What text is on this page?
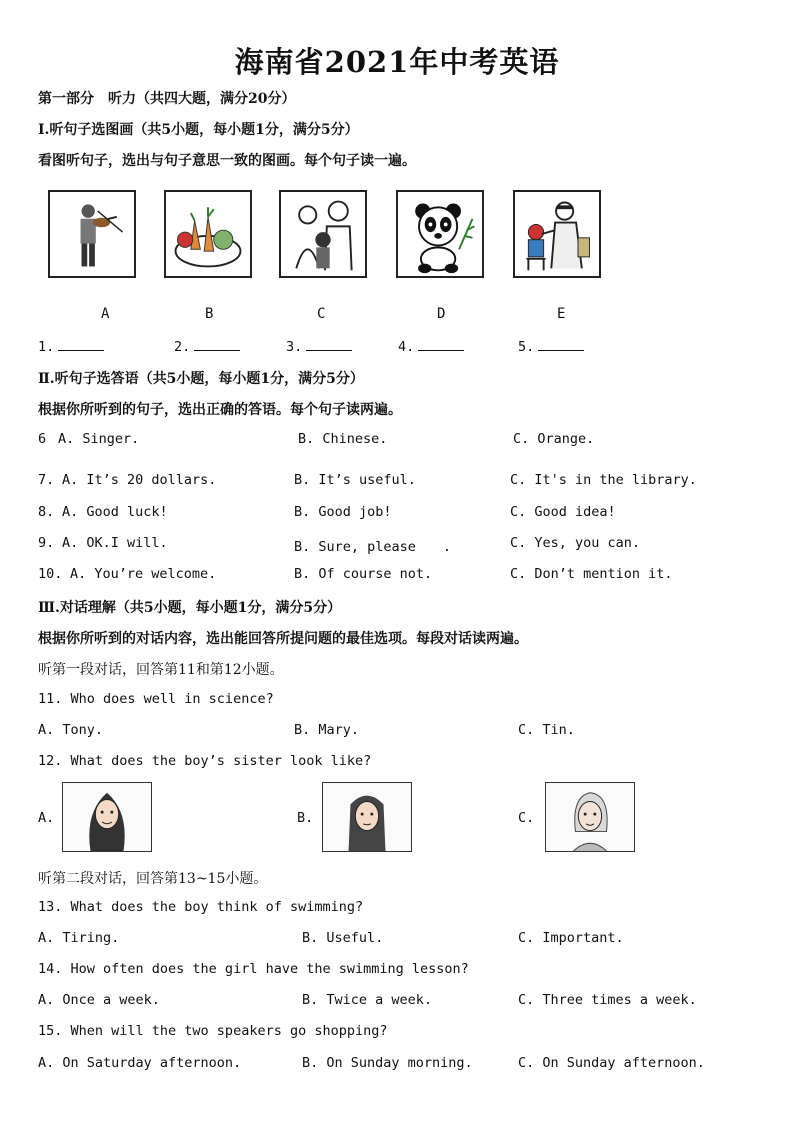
海南省2021年中考英语
第一部分　听力（共四大题，满分20分）
Ⅰ.听句子选图画（共5小题，每小题1分，满分5分）
看图听句子，选出与句子意思一致的图画。每个句子读一遍。
A	B	C	D	E
1.	2.	3.	4.	5.
Ⅱ.听句子选答语（共5小题，每小题1分，满分5分）
根据你所听到的句子，选出正确的答语。每个句子读两遍。
6 A. Singer.	B. Chinese.	C. Orange.
7. A. It’s 20 dollars.	B. It’s useful.	C. It's in the library.
8. A. Good luck!	B. Good job!	C. Good idea!
9. A. OK.I will.	B. Sure, please　　.	C. Yes, you can.
10. A. You’re welcome.	B. Of course not.	C. Don’t mention it.
Ⅲ.对话理解（共5小题，每小题1分，满分5分）
根据你所听到的对话内容，选出能回答所提问题的最佳选项。每段对话读两遍。
听第一段对话，回答第11和第12小题。
11. Who does well in science?
A. Tony.	B. Mary.	C. Tin.
12. What does the boy’s sister look like?
A.	B.	C.
听第二段对话，回答第13~15小题。
13. What does the boy think of swimming?
A. Tiring.	B. Useful.	C. Important.
14. How often does the girl have the swimming lesson?
A. Once a week.	B. Twice a week.	C. Three times a week.
15. When will the two speakers go shopping?
A. On Saturday afternoon.	B. On Sunday morning.	C. On Sunday afternoon.
